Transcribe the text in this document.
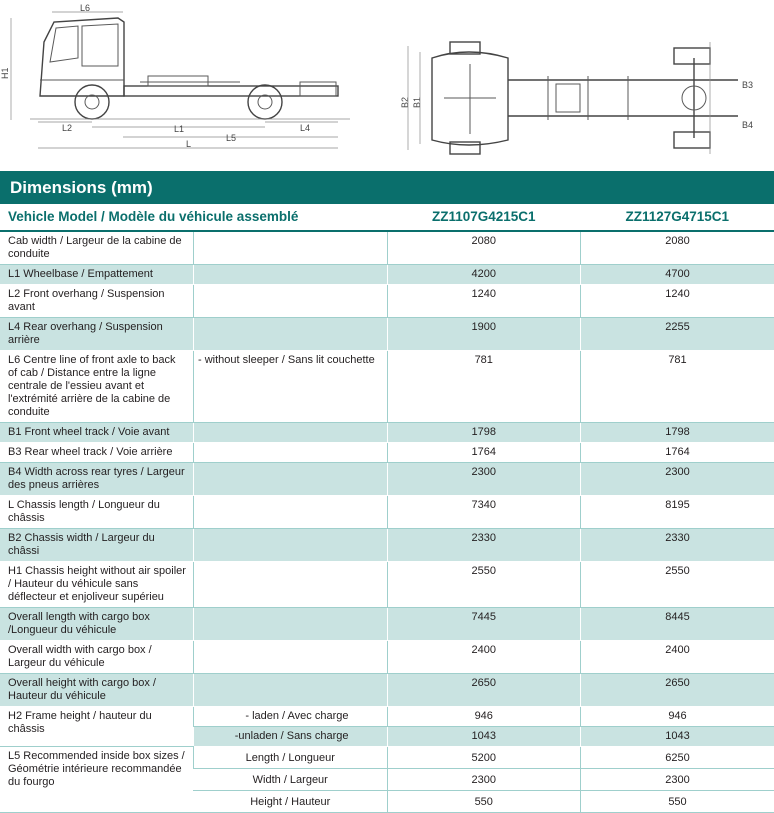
L6
H1
L2	L1	L4
L5
L
B2 B1
B3
B4
Dimensions (mm)
Vehicle Model / Modèle du véhicule assemblé		ZZ1107G4215C1	ZZ1127G4715C1
Cab width / Largeur de la cabine de conduite		2080	2080
L1 Wheelbase / Empattement		4200	4700
L2 Front overhang / Suspension avant		1240	1240
L4 Rear overhang / Suspension arrière		1900	2255
L6 Centre line of front axle to back of cab / Distance entre la ligne centrale de l'essieu avant et l'extrémité arrière de la cabine de conduite	- without sleeper / Sans lit couchette	781	781
B1 Front wheel track / Voie avant		1798	1798
B3 Rear wheel track / Voie arrière		1764	1764
B4 Width across rear tyres / Largeur des pneus arrières		2300	2300
L Chassis length / Longueur du châssis		7340	8195
B2 Chassis width / Largeur du châssi		2330	2330
H1 Chassis height without air spoiler / Hauteur du véhicule sans déflecteur et enjoliveur supérieu		2550	2550
Overall length with cargo box /Longueur du véhicule		7445	8445
Overall width with cargo box / Largeur du véhicule		2400	2400
Overall height with cargo box / Hauteur du véhicule		2650	2650
H2 Frame height / hauteur du châssis	- laden / Avec charge	946	946
	-unladen / Sans charge	1043	1043
L5 Recommended inside box sizes / Géométrie intérieure recommandée du fourgo	Length / Longueur	5200	6250
	Width / Largeur	2300	2300
	Height / Hauteur	550	550
